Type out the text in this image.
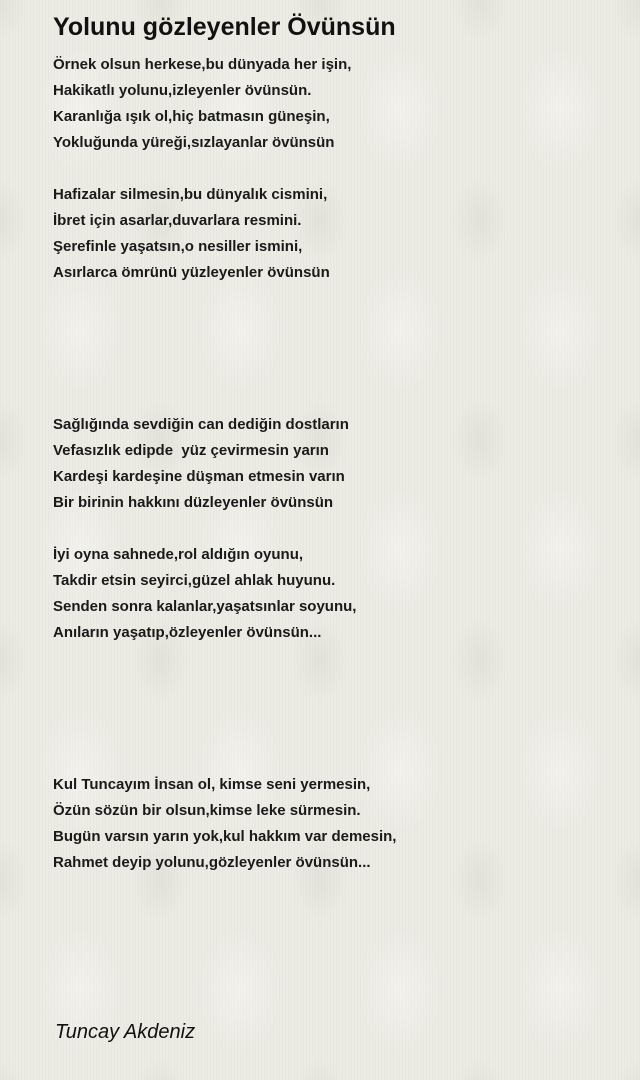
Yolunu gözleyenler Övünsün
Örnek olsun herkese,bu dünyada her işin,
Hakikatlı yolunu,izleyenler övünsün.
Karanlığa ışık ol,hiç batmasın güneşin,
Yokluğunda yüreği,sızlayanlar övünsün
Hafizalar silmesin,bu dünyalık cismini,
İbret için asarlar,duvarlara resmini.
Şerefinle yaşatsın,o nesiller ismini,
Asırlarca ömrünü yüzleyenler övünsün
Sağlığında sevdiğin can dediğin dostların
Vefasızlık edipde  yüz çevirmesin yarın
Kardeşi kardeşine düşman etmesin varın
Bir birinin hakkını düzleyenler övünsün
İyi oyna sahnede,rol aldığın oyunu,
Takdir etsin seyirci,güzel ahlak huyunu.
Senden sonra kalanlar,yaşatsınlar soyunu,
Anıların yaşatıp,özleyenler övünsün...
Kul Tuncayım İnsan ol, kimse seni yermesin,
Özün sözün bir olsun,kimse leke sürmesin.
Bugün varsın yarın yok,kul hakkım var demesin,
Rahmet deyip yolunu,gözleyenler övünsün...

Tuncay Akdeniz
